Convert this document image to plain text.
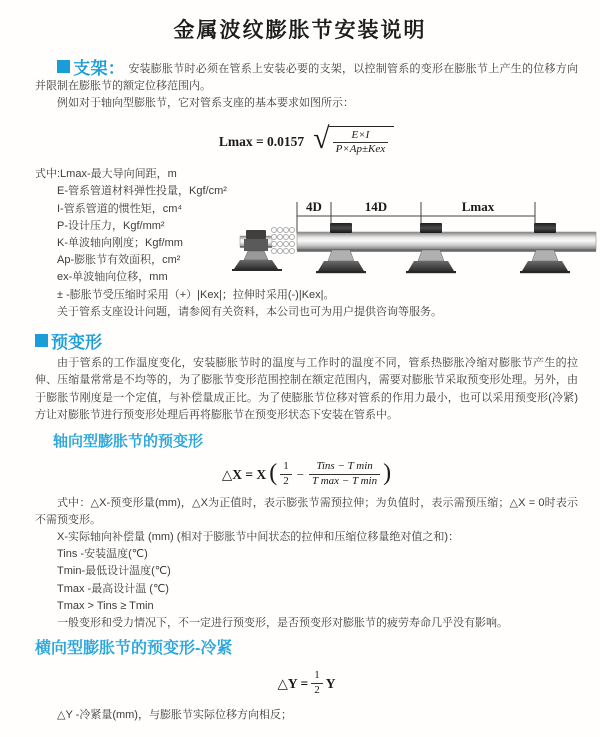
金属波纹膨胀节安装说明

支架： 安装膨胀节时必须在管系上安装必要的支架，以控制管系的变形在膨胀节上产生的位移方向并限制在膨胀节的额定位移范围内。

例如对于轴向型膨胀节，它对管系支座的基本要求如图所示：

Lmax = 0.0157 √ $\frac{E\times I}{\text{P×Ap±Kex}}$
式中:Lmax-最大导向间距，m
E-管系管道材料弹性投量，Kgf/cm²
I-管系管道的惯性矩，cm⁴
P-设计压力，Kgf/mm²
K-单波轴向刚度；Kgf/mm
Ap-膨胀节有效面积，cm²
ex-单波轴向位移，mm
± -膨胀节受压缩时采用（+）|Kex|；拉伸时采用(-)|Kex|。
4D	14D	Lmax

关于管系支座设计问题，请参阅有关资料，本公司也可为用户提供咨询等服务。

预变形

由于管系的工作温度变化，安装膨胀节时的温度与工作时的温度不同，管系热膨胀冷缩对膨胀节产生的拉伸、压缩量常常是不均等的，为了膨胀节变形范围控制在额定范围内，需要对膨胀节采取预变形处理。另外，由于膨胀节刚度是一个定值，与补偿量成正比。为了使膨胀节位移对管系的作用力最小，也可以采用预变形(冷紧)方让对膨胀节进行预变形处理后再将膨胀节在预变形状态下安装在管系中。

轴向型膨胀节的预变形
△X = X ( $\frac{1}{2} - \frac{\text{Tins − T min}}{\text{T max − T min}}$ )

式中：△X-预变形量(mm)，△X为正值时，表示膨张节需预拉伸；为负值时，表示需预压缩；△X = 0时表示不需预变形。

X-实际轴向补偿量 (mm) (相对于膨胀节中间状态的拉伸和压缩位移量绝对值之和)：

Tins -安装温度(℃)

Tmin-最低设计温度(℃)

Tmax -最高设计温 (℃)

Tmax > Tins ≥ Tmin

一般变形和受力情况下，不一定进行预变形，是否预变形对膨胀节的疲劳寿命几乎没有影响。

横向型膨胀节的预变形-冷紧
△Y = $\frac{1}{2}$ Y

△Y -冷紧量(mm)，与膨胀节实际位移方向相反；
